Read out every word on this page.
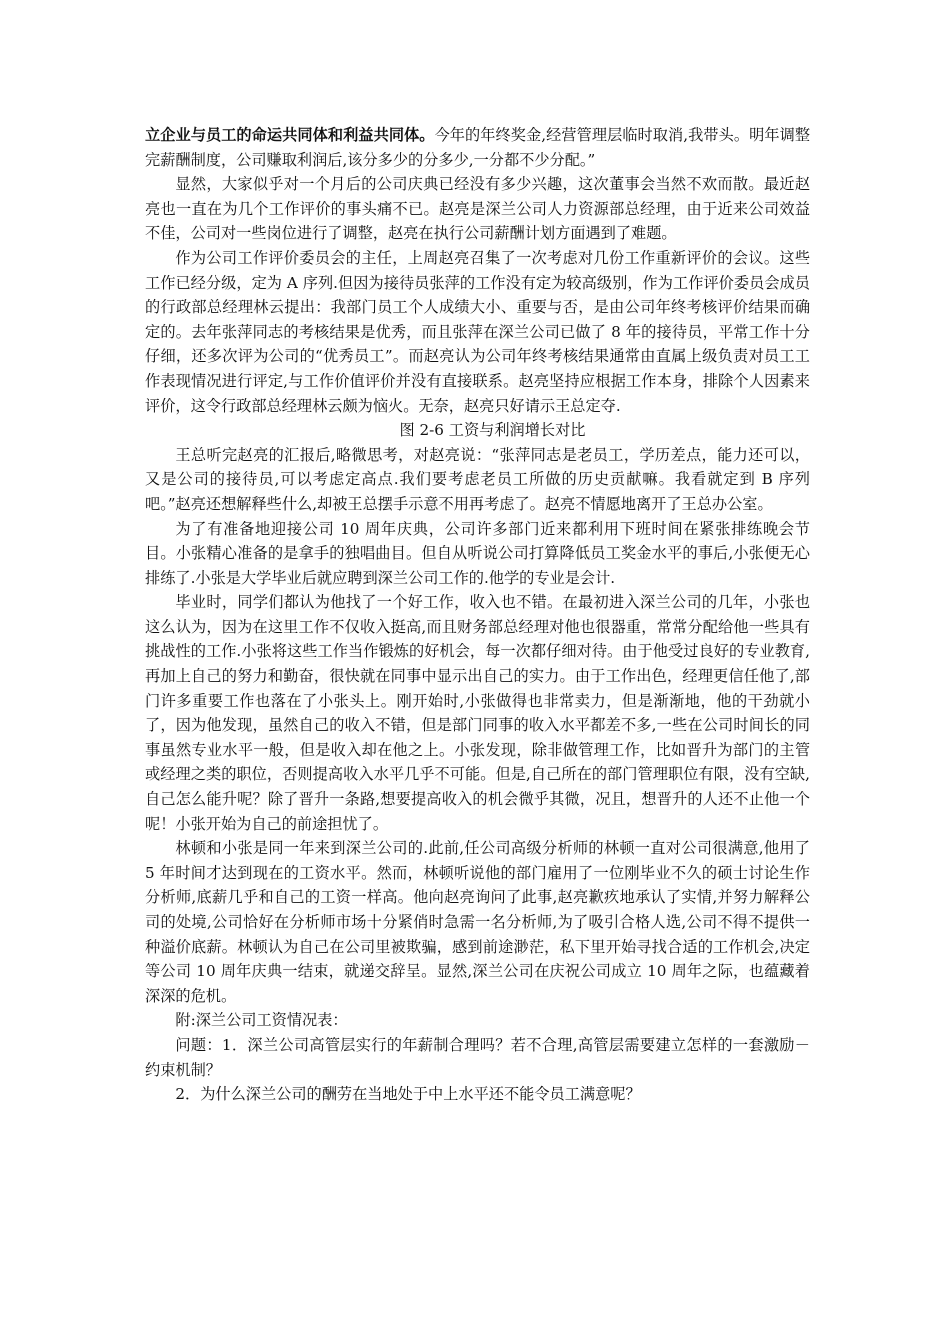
立企业与员工的命运共同体和利益共同体。今年的年终奖金,经营管理层临时取消,我带头。明年调整完薪酬制度，公司赚取利润后,该分多少的分多少,一分都不少分配。”

显然，大家似乎对一个月后的公司庆典已经没有多少兴趣，这次董事会当然不欢而散。最近赵亮也一直在为几个工作评价的事头痛不已。赵亮是深兰公司人力资源部总经理，由于近来公司效益不佳，公司对一些岗位进行了调整，赵亮在执行公司薪酬计划方面遇到了难题。

作为公司工作评价委员会的主任，上周赵亮召集了一次考虑对几份工作重新评价的会议。这些工作已经分级，定为 A 序列.但因为接待员张萍的工作没有定为较高级别，作为工作评价委员会成员的行政部总经理林云提出：我部门员工个人成绩大小、重要与否，是由公司年终考核评价结果而确定的。去年张萍同志的考核结果是优秀，而且张萍在深兰公司已做了 8 年的接待员，平常工作十分仔细，还多次评为公司的“优秀员工”。而赵亮认为公司年终考核结果通常由直属上级负责对员工工作表现情况进行评定,与工作价值评价并没有直接联系。赵亮坚持应根据工作本身，排除个人因素来评价，这令行政部总经理林云颇为恼火。无奈，赵亮只好请示王总定夺.

图 2-6 工资与利润增长对比

王总听完赵亮的汇报后,略微思考，对赵亮说：“张萍同志是老员工，学历差点，能力还可以，又是公司的接待员,可以考虑定高点.我们要考虑老员工所做的历史贡献嘛。我看就定到 B 序列吧。”赵亮还想解释些什么,却被王总摆手示意不用再考虑了。赵亮不情愿地离开了王总办公室。

为了有准备地迎接公司 10 周年庆典，公司许多部门近来都利用下班时间在紧张排练晚会节目。小张精心准备的是拿手的独唱曲目。但自从听说公司打算降低员工奖金水平的事后,小张便无心排练了.小张是大学毕业后就应聘到深兰公司工作的.他学的专业是会计.

毕业时，同学们都认为他找了一个好工作，收入也不错。在最初进入深兰公司的几年，小张也这么认为，因为在这里工作不仅收入挺高,而且财务部总经理对他也很器重，常常分配给他一些具有挑战性的工作.小张将这些工作当作锻炼的好机会，每一次都仔细对待。由于他受过良好的专业教育,再加上自己的努力和勤奋，很快就在同事中显示出自己的实力。由于工作出色，经理更信任他了,部门许多重要工作也落在了小张头上。刚开始时,小张做得也非常卖力，但是渐渐地，他的干劲就小了，因为他发现，虽然自己的收入不错，但是部门同事的收入水平都差不多,一些在公司时间长的同事虽然专业水平一般，但是收入却在他之上。小张发现，除非做管理工作，比如晋升为部门的主管或经理之类的职位，否则提高收入水平几乎不可能。但是,自己所在的部门管理职位有限，没有空缺,自己怎么能升呢？除了晋升一条路,想要提高收入的机会微乎其微，况且，想晋升的人还不止他一个呢！小张开始为自己的前途担忧了。

林顿和小张是同一年来到深兰公司的.此前,任公司高级分析师的林顿一直对公司很满意,他用了 5 年时间才达到现在的工资水平。然而，林顿听说他的部门雇用了一位刚毕业不久的硕士讨论生作分析师,底薪几乎和自己的工资一样高。他向赵亮询问了此事,赵亮歉疚地承认了实情,并努力解释公司的处境,公司恰好在分析师市场十分紧俏时急需一名分析师,为了吸引合格人选,公司不得不提供一种溢价底薪。林顿认为自己在公司里被欺骗，感到前途渺茫，私下里开始寻找合适的工作机会,决定等公司 10 周年庆典一结束，就递交辞呈。显然,深兰公司在庆祝公司成立 10 周年之际，也蕴藏着深深的危机。

附:深兰公司工资情况表：

问题：1．深兰公司高管层实行的年薪制合理吗？若不合理,高管层需要建立怎样的一套激励－约束机制？

2．为什么深兰公司的酬劳在当地处于中上水平还不能令员工满意呢？
